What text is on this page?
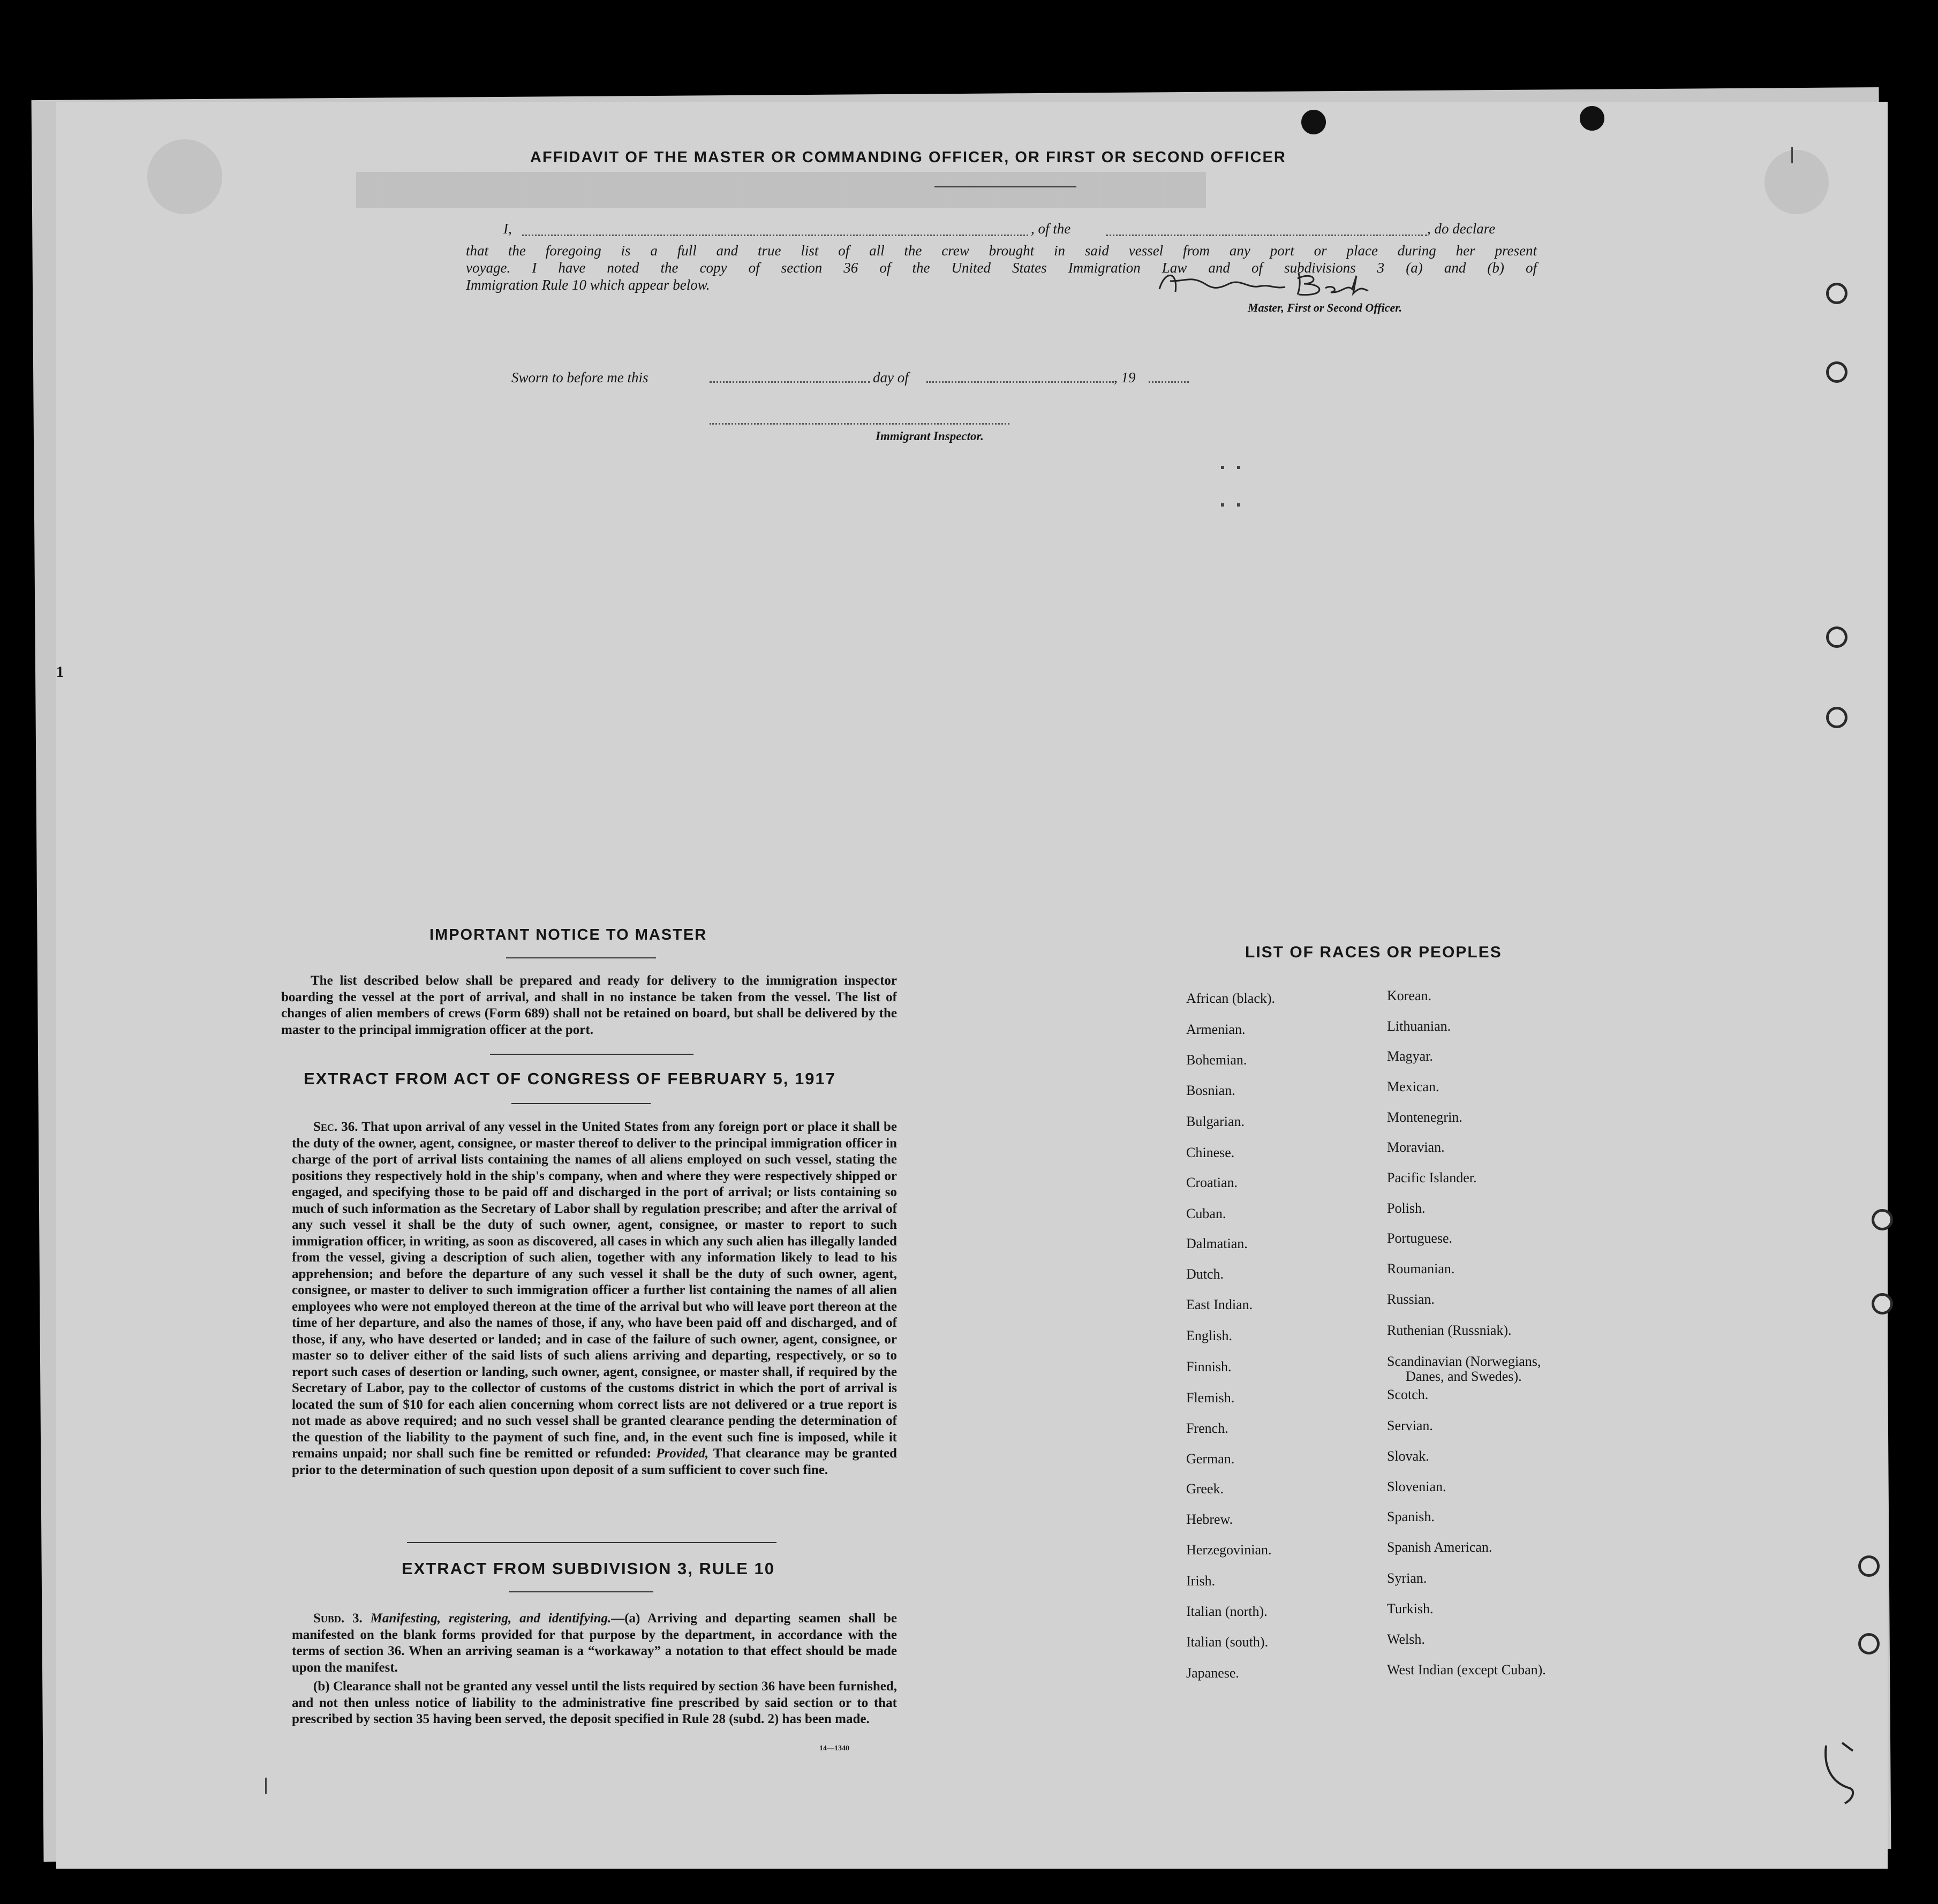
████████████████████████████████████████
1
AFFIDAVIT OF THE MASTER OR COMMANDING OFFICER, OR FIRST OR SECOND OFFICER
I,	, of the	, do declare
that the foregoing is a full and true list of all the crew brought in said vessel from any port or place during her present
voyage. I have noted the copy of section 36 of the United States Immigration Law and of subdivisions 3 (a) and (b) of
Immigration Rule 10 which appear below.
Master, First or Second Officer.
Sworn to before me this	day of	, 19
Immigrant Inspector.
IMPORTANT NOTICE TO MASTER
The list described below shall be prepared and ready for delivery to the immigration inspector boarding the vessel at the port of arrival, and shall in no instance be taken from the vessel. The list of changes of alien members of crews (Form 689) shall not be retained on board, but shall be delivered by the master to the principal immigration officer at the port.
EXTRACT FROM ACT OF CONGRESS OF FEBRUARY 5, 1917
Sec. 36. That upon arrival of any vessel in the United States from any foreign port or place it shall be the duty of the owner, agent, consignee, or master thereof to deliver to the principal immigration officer in charge of the port of arrival lists containing the names of all aliens employed on such vessel, stating the positions they respectively hold in the ship's company, when and where they were respectively shipped or engaged, and specifying those to be paid off and discharged in the port of arrival; or lists containing so much of such information as the Secretary of Labor shall by regulation prescribe; and after the arrival of any such vessel it shall be the duty of such owner, agent, consignee, or master to report to such immigration officer, in writing, as soon as discovered, all cases in which any such alien has illegally landed from the vessel, giving a description of such alien, together with any information likely to lead to his apprehension; and before the departure of any such vessel it shall be the duty of such owner, agent, consignee, or master to deliver to such immigration officer a further list containing the names of all alien employees who were not employed thereon at the time of the arrival but who will leave port thereon at the time of her departure, and also the names of those, if any, who have been paid off and discharged, and of those, if any, who have deserted or landed; and in case of the failure of such owner, agent, consignee, or master so to deliver either of the said lists of such aliens arriving and departing, respectively, or so to report such cases of desertion or landing, such owner, agent, consignee, or master shall, if required by the Secretary of Labor, pay to the collector of customs of the customs district in which the port of arrival is located the sum of $10 for each alien concerning whom correct lists are not delivered or a true report is not made as above required; and no such vessel shall be granted clearance pending the determination of the question of the liability to the payment of such fine, and, in the event such fine is imposed, while it remains unpaid; nor shall such fine be remitted or refunded: Provided, That clearance may be granted prior to the determination of such question upon deposit of a sum sufficient to cover such fine.
EXTRACT FROM SUBDIVISION 3, RULE 10
Subd. 3. Manifesting, registering, and identifying.—(a) Arriving and departing seamen shall be manifested on the blank forms provided for that purpose by the department, in accordance with the terms of section 36. When an arriving seaman is a “workaway” a notation to that effect should be made upon the manifest.
(b) Clearance shall not be granted any vessel until the lists required by section 36 have been furnished, and not then unless notice of liability to the administrative fine prescribed by said section or to that prescribed by section 35 having been served, the deposit specified in Rule 28 (subd. 2) has been made.
14—1340
LIST OF RACES OR PEOPLES
African (black).
Armenian.
Bohemian.
Bosnian.
Bulgarian.
Chinese.
Croatian.
Cuban.
Dalmatian.
Dutch.
East Indian.
English.
Finnish.
Flemish.
French.
German.
Greek.
Hebrew.
Herzegovinian.
Irish.
Italian (north).
Italian (south).
Japanese.
Korean.
Lithuanian.
Magyar.
Mexican.
Montenegrin.
Moravian.
Pacific Islander.
Polish.
Portuguese.
Roumanian.
Russian.
Ruthenian (Russniak).
Scandinavian (Norwegians,
Danes, and Swedes).
Scotch.
Servian.
Slovak.
Slovenian.
Spanish.
Spanish American.
Syrian.
Turkish.
Welsh.
West Indian (except Cuban).
